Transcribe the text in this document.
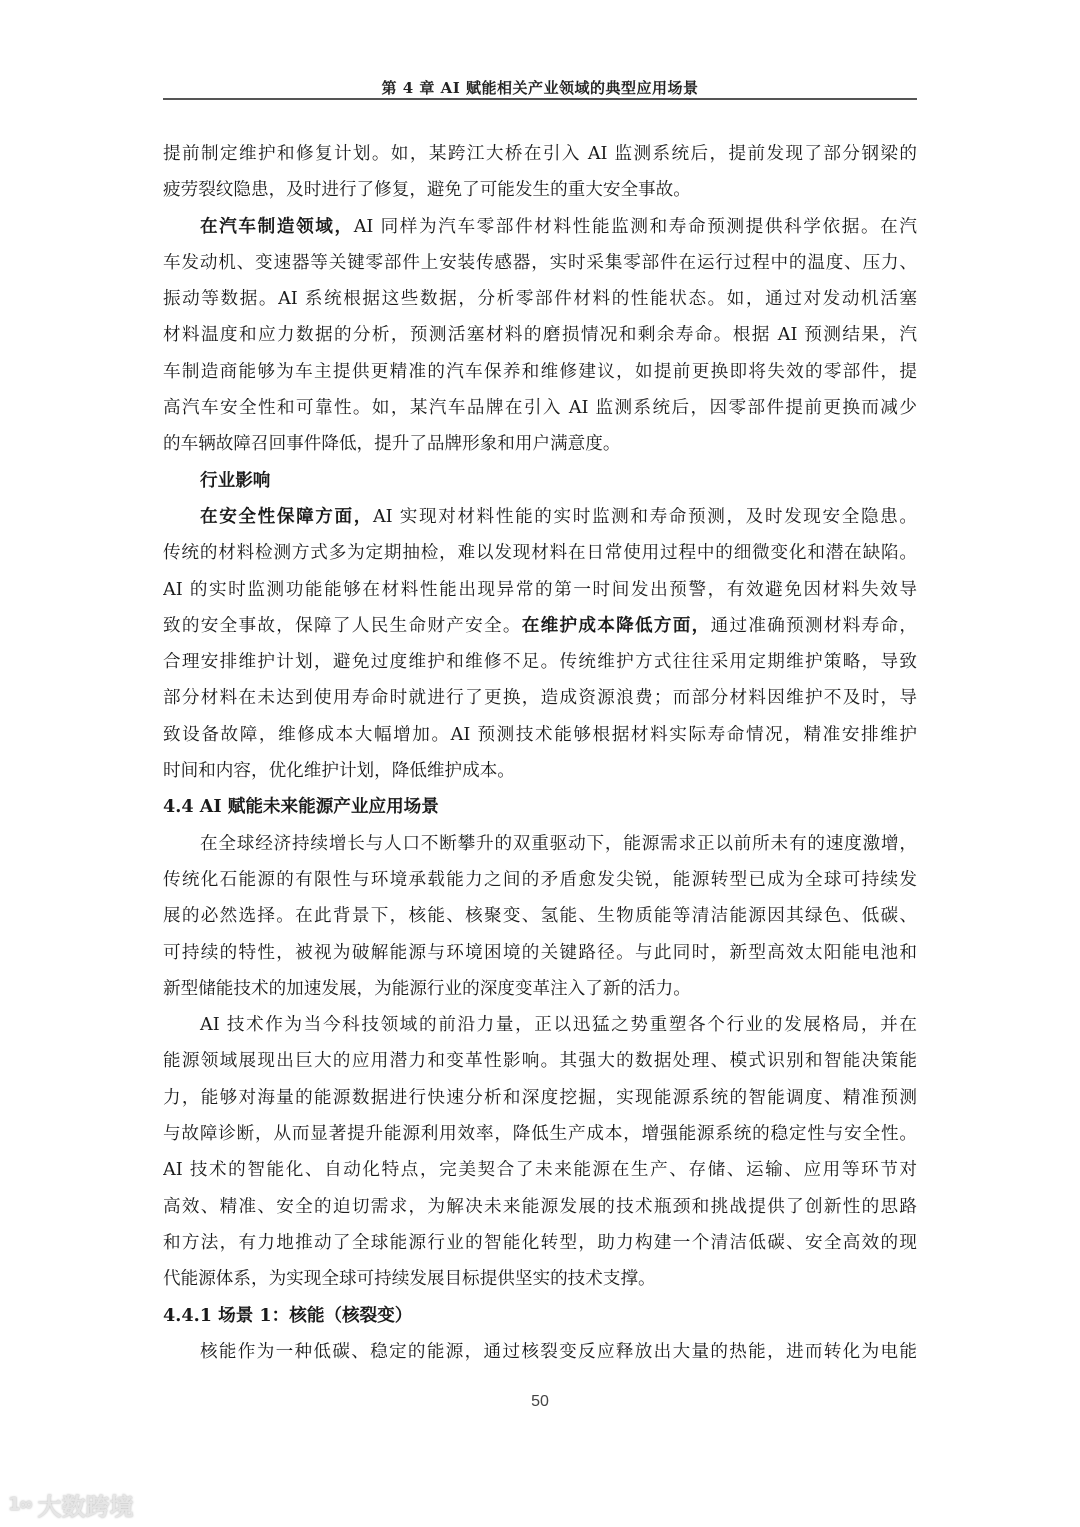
第 4 章 AI 赋能相关产业领域的典型应用场景
提前制定维护和修复计划。如，某跨江大桥在引入 AI 监测系统后，提前发现了部分钢梁的
疲劳裂纹隐患，及时进行了修复，避免了可能发生的重大安全事故。
在汽车制造领域，AI 同样为汽车零部件材料性能监测和寿命预测提供科学依据。在汽
车发动机、变速器等关键零部件上安装传感器，实时采集零部件在运行过程中的温度、压力、
振动等数据。AI 系统根据这些数据，分析零部件材料的性能状态。如，通过对发动机活塞
材料温度和应力数据的分析，预测活塞材料的磨损情况和剩余寿命。根据 AI 预测结果，汽
车制造商能够为车主提供更精准的汽车保养和维修建议，如提前更换即将失效的零部件，提
高汽车安全性和可靠性。如，某汽车品牌在引入 AI 监测系统后，因零部件提前更换而减少
的车辆故障召回事件降低，提升了品牌形象和用户满意度。
行业影响
在安全性保障方面，AI 实现对材料性能的实时监测和寿命预测，及时发现安全隐患。
传统的材料检测方式多为定期抽检，难以发现材料在日常使用过程中的细微变化和潜在缺陷。
AI 的实时监测功能能够在材料性能出现异常的第一时间发出预警，有效避免因材料失效导
致的安全事故，保障了人民生命财产安全。在维护成本降低方面，通过准确预测材料寿命，
合理安排维护计划，避免过度维护和维修不足。传统维护方式往往采用定期维护策略，导致
部分材料在未达到使用寿命时就进行了更换，造成资源浪费；而部分材料因维护不及时，导
致设备故障，维修成本大幅增加。AI 预测技术能够根据材料实际寿命情况，精准安排维护
时间和内容，优化维护计划，降低维护成本。
4.4 AI 赋能未来能源产业应用场景
在全球经济持续增长与人口不断攀升的双重驱动下，能源需求正以前所未有的速度激增，
传统化石能源的有限性与环境承载能力之间的矛盾愈发尖锐，能源转型已成为全球可持续发
展的必然选择。在此背景下，核能、核聚变、氢能、生物质能等清洁能源因其绿色、低碳、
可持续的特性，被视为破解能源与环境困境的关键路径。与此同时，新型高效太阳能电池和
新型储能技术的加速发展，为能源行业的深度变革注入了新的活力。
AI 技术作为当今科技领域的前沿力量，正以迅猛之势重塑各个行业的发展格局，并在
能源领域展现出巨大的应用潜力和变革性影响。其强大的数据处理、模式识别和智能决策能
力，能够对海量的能源数据进行快速分析和深度挖掘，实现能源系统的智能调度、精准预测
与故障诊断，从而显著提升能源利用效率，降低生产成本，增强能源系统的稳定性与安全性。
AI 技术的智能化、自动化特点，完美契合了未来能源在生产、存储、运输、应用等环节对
高效、精准、安全的迫切需求，为解决未来能源发展的技术瓶颈和挑战提供了创新性的思路
和方法，有力地推动了全球能源行业的智能化转型，助力构建一个清洁低碳、安全高效的现
代能源体系，为实现全球可持续发展目标提供坚实的技术支撑。
4.4.1 场景 1：核能（核裂变）
核能作为一种低碳、稳定的能源，通过核裂变反应释放出大量的热能，进而转化为电能
50
1∞ 大数跨境
